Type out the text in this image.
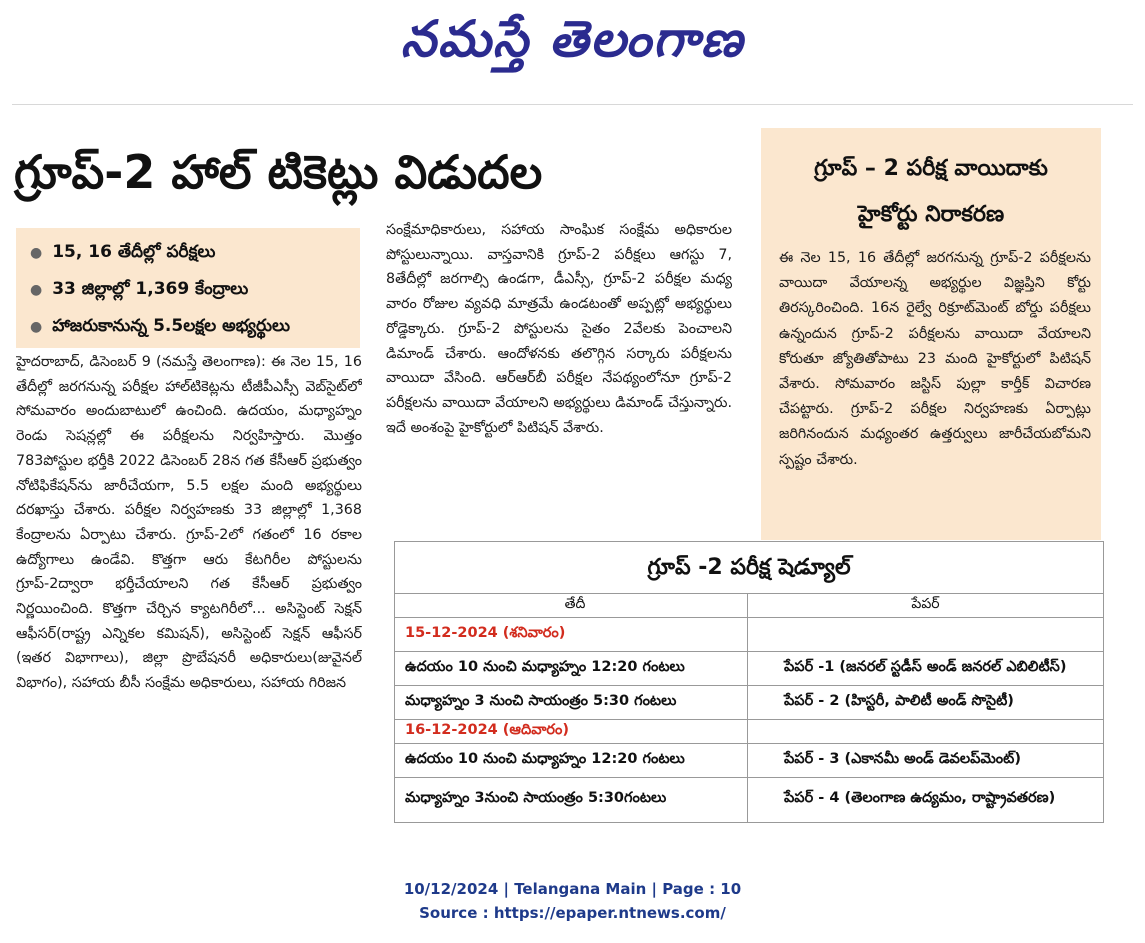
నమస్తే తెలంగాణ
గ్రూప్-2 హాల్ టికెట్లు విడుదల
● 15, 16 తేదీల్లో పరీక్షలు
● 33 జిల్లాల్లో 1,369 కేంద్రాలు
● హాజరుకానున్న 5.5లక్షల అభ్యర్థులు
హైదరాబాద్, డిసెంబర్ 9 (నమస్తే తెలంగాణ): ఈ నెల 15, 16 తేదీల్లో జరగనున్న పరీక్షల హాల్‌టికెట్లను టీజీపీఎస్సీ వెబ్‌సైట్‌లో సోమవారం అందుబాటులో ఉంచింది. ఉదయం, మధ్యాహ్నం రెండు సెషన్లల్లో ఈ పరీక్షలను నిర్వహిస్తారు. మొత్తం 783పోస్టుల భర్తీకి 2022 డిసెంబర్ 28న గత కేసీఆర్ ప్రభుత్వం నోటిఫికేషన్‌ను జారీచేయగా, 5.5 లక్షల మంది అభ్యర్థులు దరఖాస్తు చేశారు. పరీక్షల నిర్వహణకు 33 జిల్లాల్లో 1,368 కేంద్రాలను ఏర్పాటు చేశారు. గ్రూప్-2లో గతంలో 16 రకాల ఉద్యోగాలు ఉండేవి. కొత్తగా ఆరు కేటగిరీల పోస్టులను గ్రూప్-2ద్వారా భర్తీచేయాలని గత కేసీఆర్ ప్రభుత్వం నిర్ణయించింది. కొత్తగా చేర్చిన క్యాటగిరీలో... అసిస్టెంట్ సెక్షన్ ఆఫీసర్(రాష్ట్ర ఎన్నికల కమిషన్), అసిస్టెంట్ సెక్షన్ ఆఫీసర్ (ఇతర విభాగాలు), జిల్లా ప్రొబేషనరీ అధికారులు(జువైనల్ విభాగం), సహాయ బీసీ సంక్షేమ అధికారులు, సహాయ గిరిజన
సంక్షేమాధికారులు, సహాయ సాంఘిక సంక్షేమ అధికారుల పోస్టులున్నాయి. వాస్తవానికి గ్రూప్-2 పరీక్షలు ఆగస్టు 7, 8తేదీల్లో జరగాల్సి ఉండగా, డీఎస్సీ, గ్రూప్-2 పరీక్షల మధ్య వారం రోజుల వ్యవధి మాత్రమే ఉండటంతో అప్పట్లో అభ్యర్థులు రోడ్డెక్కారు. గ్రూప్-2 పోస్టులను సైతం 2వేలకు పెంచాలని డిమాండ్ చేశారు. ఆందోళనకు తలొగ్గిన సర్కారు పరీక్షలను వాయిదా వేసింది. ఆర్ఆర్‌బీ పరీక్షల నేపథ్యంలోనూ గ్రూప్-2 పరీక్షలను వాయిదా వేయాలని అభ్యర్థులు డిమాండ్ చేస్తున్నారు. ఇదే అంశంపై హైకోర్టులో పిటిషన్ వేశారు.
గ్రూప్ – 2 పరీక్ష వాయిదాకు
హైకోర్టు నిరాకరణ
ఈ నెల 15, 16 తేదీల్లో జరగనున్న గ్రూప్-2 పరీక్షలను వాయిదా వేయాలన్న అభ్యర్థుల విజ్ఞప్తిని కోర్టు తిరస్కరించింది. 16న రైల్వే రిక్రూట్‌మెంట్ బోర్డు పరీక్షలు ఉన్నందున గ్రూప్-2 పరీక్షలను వాయిదా వేయాలని కోరుతూ జ్యోతితోపాటు 23 మంది హైకోర్టులో పిటిషన్ వేశారు. సోమవారం జస్టిస్ పుల్లా కార్తీక్ విచారణ చేపట్టారు. గ్రూప్-2 పరీక్షల నిర్వహణకు ఏర్పాట్లు జరిగినందున మధ్యంతర ఉత్తర్వులు జారీచేయబోమని స్పష్టం చేశారు.
గ్రూప్ -2 పరీక్ష షెడ్యూల్
తేదీ	పేపర్
15-12-2024 (శనివారం)
ఉదయం 10 నుంచి మధ్యాహ్నం 12:20 గంటలు	పేపర్ -1 (జనరల్ స్టడీస్ అండ్ జనరల్ ఎబిలిటీస్)
మధ్యాహ్నం 3 నుంచి సాయంత్రం 5:30 గంటలు	పేపర్ - 2 (హిస్టరీ, పాలిటీ అండ్ సొసైటీ)
16-12-2024 (ఆదివారం)
ఉదయం 10 నుంచి మధ్యాహ్నం 12:20 గంటలు	పేపర్ - 3 (ఎకానమీ అండ్ డెవలప్‌మెంట్)
మధ్యాహ్నం 3నుంచి సాయంత్రం 5:30గంటలు	పేపర్ - 4 (తెలంగాణ ఉద్యమం, రాష్ట్రావతరణ)
10/12/2024 | Telangana Main | Page : 10
Source : https://epaper.ntnews.com/
